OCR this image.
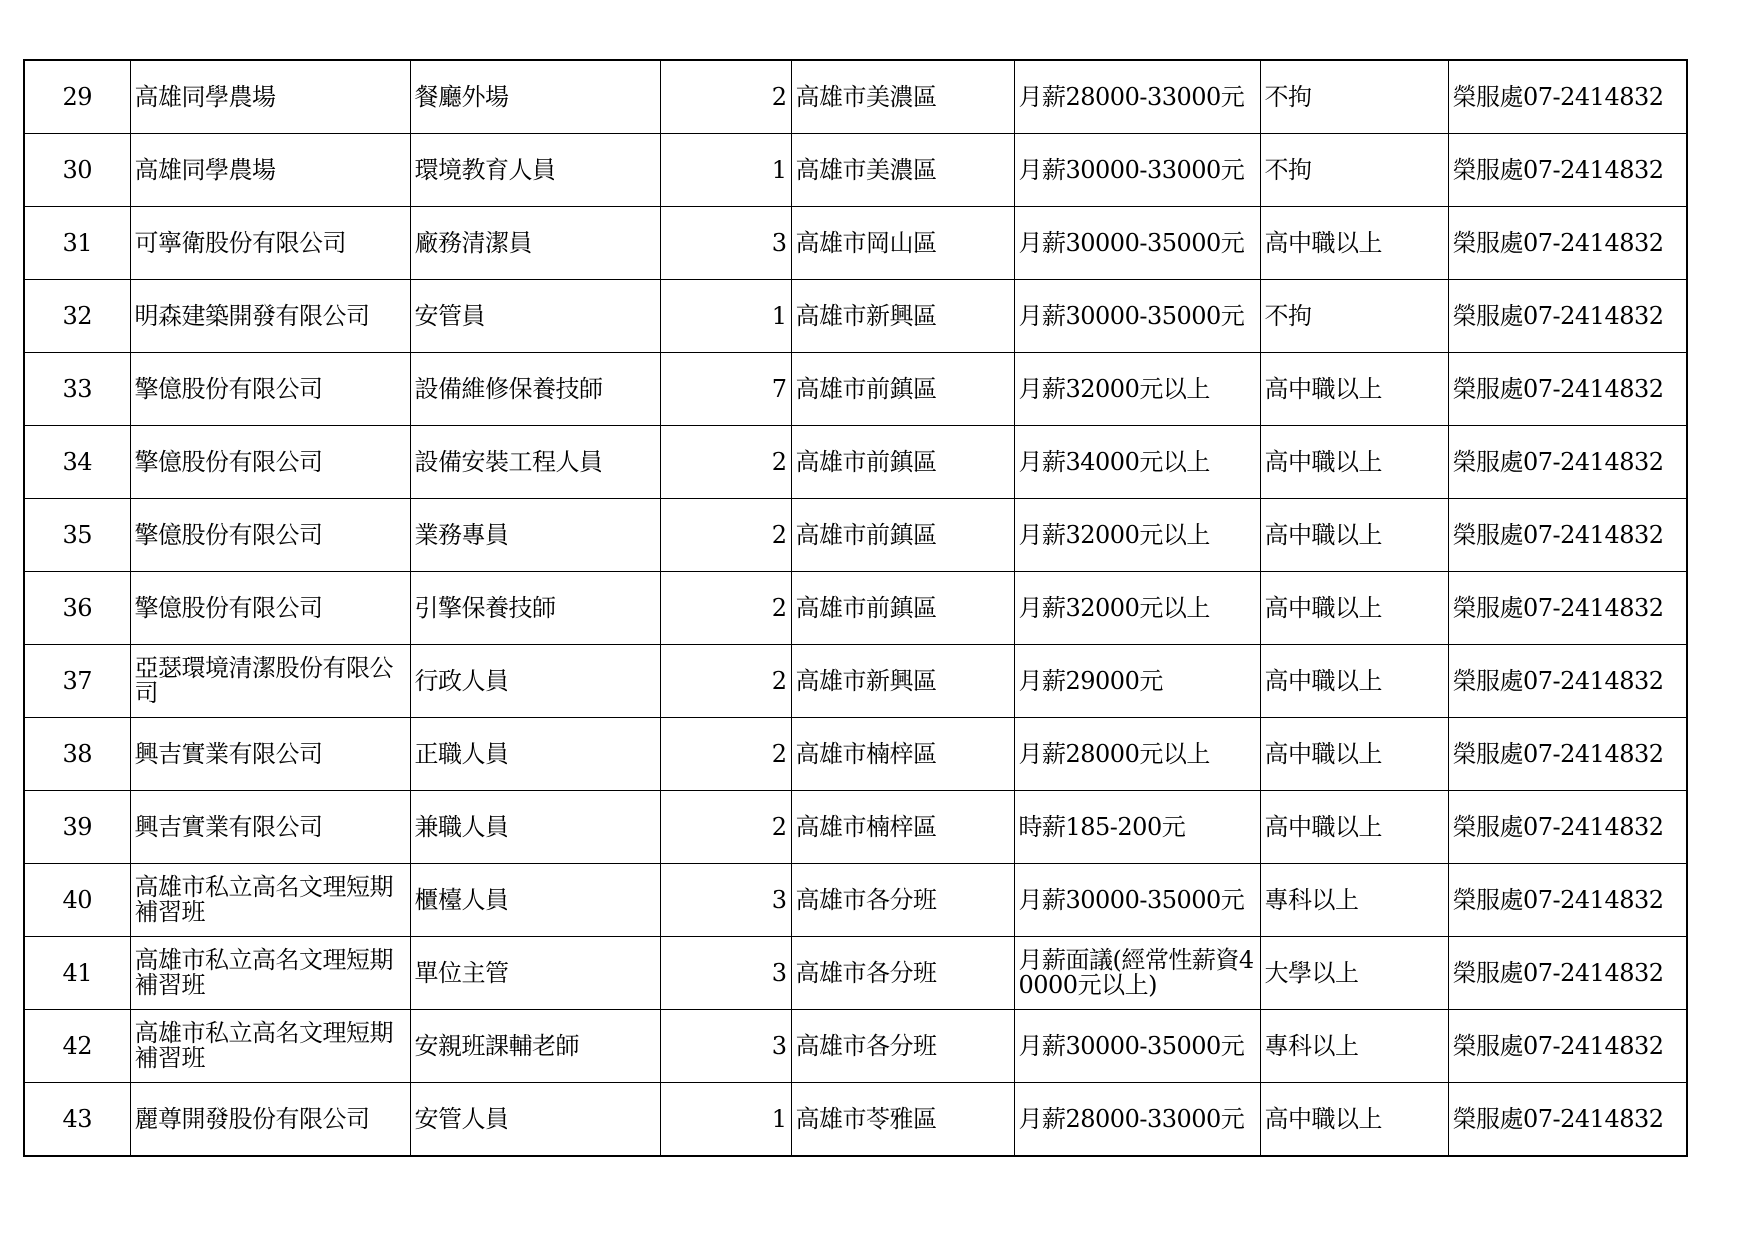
29	高雄同學農場	餐廳外場	2	高雄市美濃區	月薪28000-33000元	不拘	榮服處07-2414832
30	高雄同學農場	環境教育人員	1	高雄市美濃區	月薪30000-33000元	不拘	榮服處07-2414832
31	可寧衛股份有限公司	廠務清潔員	3	高雄市岡山區	月薪30000-35000元	高中職以上	榮服處07-2414832
32	明森建築開發有限公司	安管員	1	高雄市新興區	月薪30000-35000元	不拘	榮服處07-2414832
33	擎億股份有限公司	設備維修保養技師	7	高雄市前鎮區	月薪32000元以上	高中職以上	榮服處07-2414832
34	擎億股份有限公司	設備安裝工程人員	2	高雄市前鎮區	月薪34000元以上	高中職以上	榮服處07-2414832
35	擎億股份有限公司	業務專員	2	高雄市前鎮區	月薪32000元以上	高中職以上	榮服處07-2414832
36	擎億股份有限公司	引擎保養技師	2	高雄市前鎮區	月薪32000元以上	高中職以上	榮服處07-2414832
37	亞瑟環境清潔股份有限公司	行政人員	2	高雄市新興區	月薪29000元	高中職以上	榮服處07-2414832
38	興吉實業有限公司	正職人員	2	高雄市楠梓區	月薪28000元以上	高中職以上	榮服處07-2414832
39	興吉實業有限公司	兼職人員	2	高雄市楠梓區	時薪185-200元	高中職以上	榮服處07-2414832
40	高雄市私立高名文理短期補習班	櫃檯人員	3	高雄市各分班	月薪30000-35000元	專科以上	榮服處07-2414832
41	高雄市私立高名文理短期補習班	單位主管	3	高雄市各分班	月薪面議(經常性薪資40000元以上)	大學以上	榮服處07-2414832
42	高雄市私立高名文理短期補習班	安親班課輔老師	3	高雄市各分班	月薪30000-35000元	專科以上	榮服處07-2414832
43	麗尊開發股份有限公司	安管人員	1	高雄市苓雅區	月薪28000-33000元	高中職以上	榮服處07-2414832
